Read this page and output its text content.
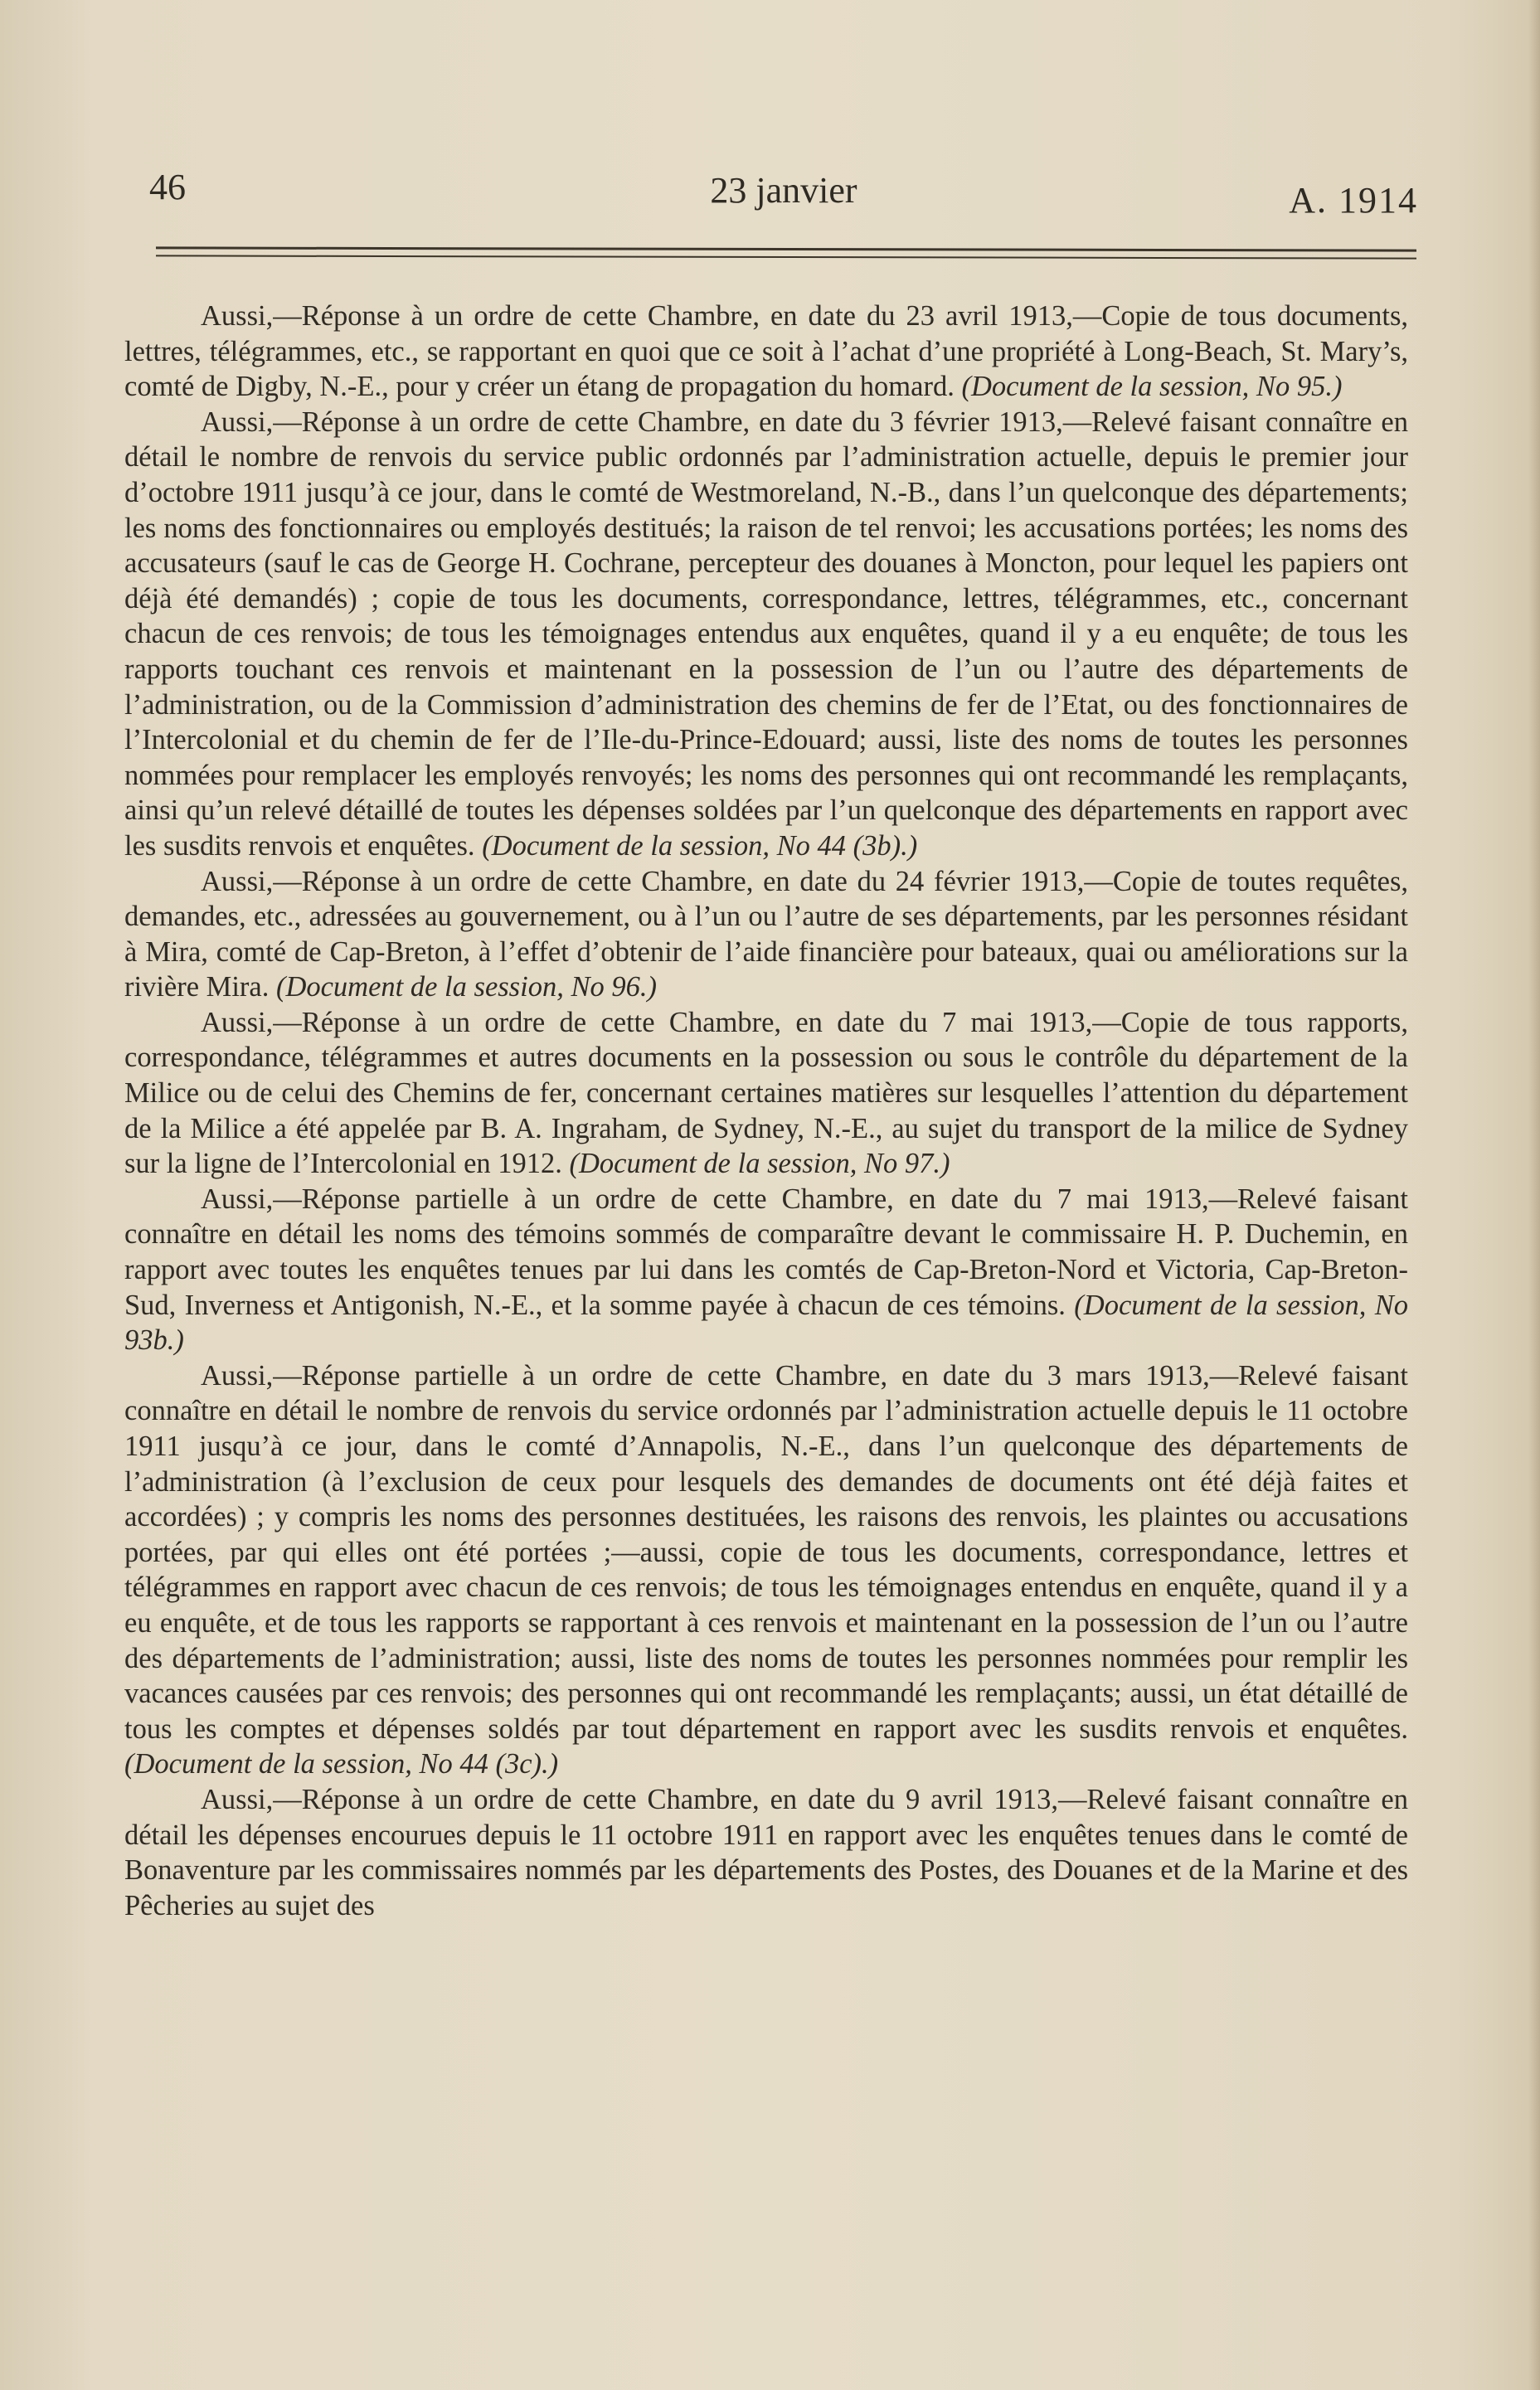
46	23 janvier	A. 1914

Aussi,—Réponse à un ordre de cette Chambre, en date du 23 avril 1913,—Copie de tous documents, lettres, télégrammes, etc., se rapportant en quoi que ce soit à l’achat d’une propriété à Long-Beach, St. Mary’s, comté de Digby, N.-E., pour y créer un étang de propagation du homard. (Document de la session, No 95.)

Aussi,—Réponse à un ordre de cette Chambre, en date du 3 février 1913,—Relevé faisant connaître en détail le nombre de renvois du service public ordonnés par l’administration actuelle, depuis le premier jour d’octobre 1911 jusqu’à ce jour, dans le comté de Westmoreland, N.-B., dans l’un quelconque des départements; les noms des fonctionnaires ou employés destitués; la raison de tel renvoi; les accusations portées; les noms des accusateurs (sauf le cas de George H. Cochrane, percepteur des douanes à Moncton, pour lequel les papiers ont déjà été demandés) ; copie de tous les documents, correspondance, lettres, télégrammes, etc., concernant chacun de ces renvois; de tous les témoignages entendus aux enquêtes, quand il y a eu enquête; de tous les rapports touchant ces renvois et maintenant en la possession de l’un ou l’autre des départements de l’administration, ou de la Commission d’administration des chemins de fer de l’Etat, ou des fonctionnaires de l’Intercolonial et du chemin de fer de l’Ile-du-Prince-Edouard; aussi, liste des noms de toutes les personnes nommées pour remplacer les employés renvoyés; les noms des personnes qui ont recommandé les remplaçants, ainsi qu’un relevé détaillé de toutes les dépenses soldées par l’un quelconque des départements en rapport avec les susdits renvois et enquêtes. (Document de la session, No 44 (3b).)

Aussi,—Réponse à un ordre de cette Chambre, en date du 24 février 1913,—Copie de toutes requêtes, demandes, etc., adressées au gouvernement, ou à l’un ou l’autre de ses départements, par les personnes résidant à Mira, comté de Cap-Breton, à l’effet d’obtenir de l’aide financière pour bateaux, quai ou améliorations sur la rivière Mira. (Document de la session, No 96.)

Aussi,—Réponse à un ordre de cette Chambre, en date du 7 mai 1913,—Copie de tous rapports, correspondance, télégrammes et autres documents en la possession ou sous le contrôle du département de la Milice ou de celui des Chemins de fer, concernant certaines matières sur lesquelles l’attention du département de la Milice a été appelée par B. A. Ingraham, de Sydney, N.-E., au sujet du transport de la milice de Sydney sur la ligne de l’Intercolonial en 1912. (Document de la session, No 97.)

Aussi,—Réponse partielle à un ordre de cette Chambre, en date du 7 mai 1913,—Relevé faisant connaître en détail les noms des témoins sommés de comparaître devant le commissaire H. P. Duchemin, en rapport avec toutes les enquêtes tenues par lui dans les comtés de Cap-Breton-Nord et Victoria, Cap-Breton-Sud, Inverness et Antigonish, N.-E., et la somme payée à chacun de ces témoins. (Document de la session, No 93b.)

Aussi,—Réponse partielle à un ordre de cette Chambre, en date du 3 mars 1913,—Relevé faisant connaître en détail le nombre de renvois du service ordonnés par l’administration actuelle depuis le 11 octobre 1911 jusqu’à ce jour, dans le comté d’Annapolis, N.-E., dans l’un quelconque des départements de l’administration (à l’exclusion de ceux pour lesquels des demandes de documents ont été déjà faites et accordées) ; y compris les noms des personnes destituées, les raisons des renvois, les plaintes ou accusations portées, par qui elles ont été portées ;—aussi, copie de tous les documents, correspondance, lettres et télégrammes en rapport avec chacun de ces renvois; de tous les témoignages entendus en enquête, quand il y a eu enquête, et de tous les rapports se rapportant à ces renvois et maintenant en la possession de l’un ou l’autre des départements de l’administration; aussi, liste des noms de toutes les personnes nommées pour remplir les vacances causées par ces renvois; des personnes qui ont recommandé les remplaçants; aussi, un état détaillé de tous les comptes et dépenses soldés par tout département en rapport avec les susdits renvois et enquêtes. (Document de la session, No 44 (3c).)

Aussi,—Réponse à un ordre de cette Chambre, en date du 9 avril 1913,—Relevé faisant connaître en détail les dépenses encourues depuis le 11 octobre 1911 en rapport avec les enquêtes tenues dans le comté de Bonaventure par les commissaires nommés par les départements des Postes, des Douanes et de la Marine et des Pêcheries au sujet des
